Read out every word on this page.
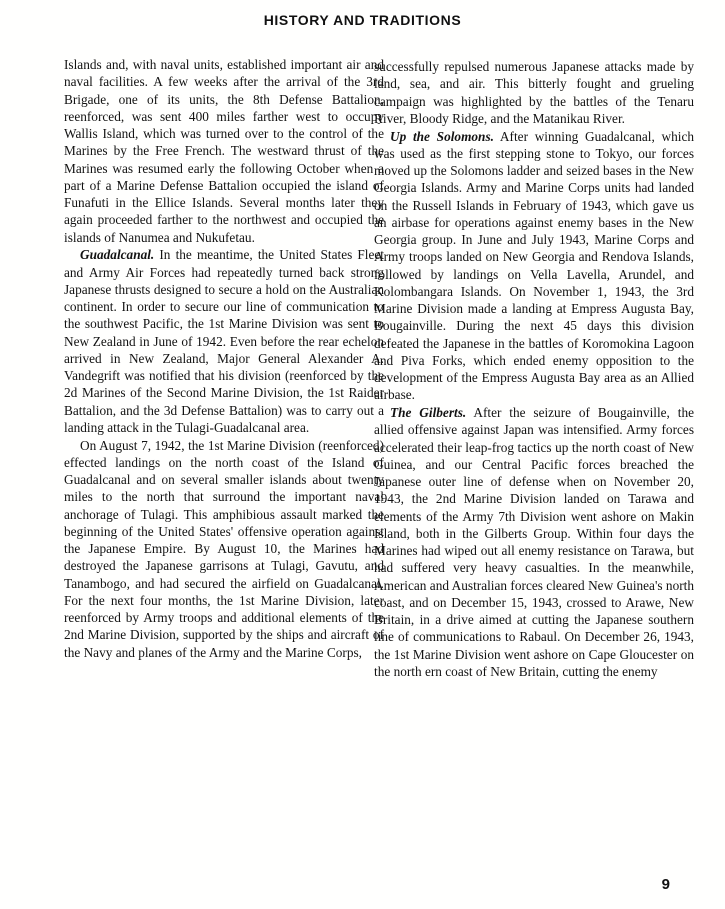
HISTORY AND TRADITIONS

Islands and, with naval units, established important air and naval facilities. A few weeks after the arrival of the 3rd Brigade, one of its units, the 8th Defense Battalion, reenforced, was sent 400 miles farther west to occupy Wallis Island, which was turned over to the control of the Marines by the Free French. The westward thrust of the Marines was resumed early the following October when a part of a Marine Defense Battalion occupied the island of Funafuti in the Ellice Islands. Several months later they again proceeded farther to the northwest and occupied the islands of Nanumea and Nukufetau.

Guadalcanal. In the meantime, the United States Fleet and Army Air Forces had repeatedly turned back strong Japanese thrusts designed to secure a hold on the Australian continent. In order to secure our line of communication to the southwest Pacific, the 1st Marine Division was sent to New Zealand in June of 1942. Even before the rear echelon arrived in New Zealand, Major General Alexander A. Vandegrift was notified that his division (reenforced by the 2d Marines of the Second Marine Division, the 1st Raider Battalion, and the 3d Defense Battalion) was to carry out a landing attack in the Tulagi-Guadalcanal area.

On August 7, 1942, the 1st Marine Division (reenforced) effected landings on the north coast of the Island of Guadalcanal and on several smaller islands about twenty miles to the north that surround the important naval anchorage of Tulagi. This amphibious assault marked the beginning of the United States' offensive operation against the Japanese Empire. By August 10, the Marines had destroyed the Japanese garrisons at Tulagi, Gavutu, and Tanambogo, and had secured the airfield on Guadalcanal. For the next four months, the 1st Marine Division, later reenforced by Army troops and additional elements of the 2nd Marine Division, supported by the ships and aircraft of the Navy and planes of the Army and the Marine Corps,

successfully repulsed numerous Japanese attacks made by land, sea, and air. This bitterly fought and grueling campaign was highlighted by the battles of the Tenaru River, Bloody Ridge, and the Matanikau River.

Up the Solomons. After winning Guadalcanal, which was used as the first stepping stone to Tokyo, our forces moved up the Solomons ladder and seized bases in the New Georgia Islands. Army and Marine Corps units had landed on the Russell Islands in February of 1943, which gave us an airbase for operations against enemy bases in the New Georgia group. In June and July 1943, Marine Corps and Army troops landed on New Georgia and Rendova Islands, followed by landings on Vella Lavella, Arundel, and Kolombangara Islands. On November 1, 1943, the 3rd Marine Division made a landing at Empress Augusta Bay, Bougainville. During the next 45 days this division defeated the Japanese in the battles of Koromokina Lagoon and Piva Forks, which ended enemy opposition to the development of the Empress Augusta Bay area as an Allied airbase.

The Gilberts. After the seizure of Bougainville, the allied offensive against Japan was intensified. Army forces accelerated their leap-frog tactics up the north coast of New Guinea, and our Central Pacific forces breached the Japanese outer line of defense when on November 20, 1943, the 2nd Marine Division landed on Tarawa and elements of the Army 7th Division went ashore on Makin Island, both in the Gilberts Group. Within four days the Marines had wiped out all enemy resistance on Tarawa, but had suffered very heavy casualties. In the meanwhile, American and Australian forces cleared New Guinea's north coast, and on December 15, 1943, crossed to Arawe, New Britain, in a drive aimed at cutting the Japanese southern line of communications to Rabaul. On December 26, 1943, the 1st Marine Division went ashore on Cape Gloucester on the north ern coast of New Britain, cutting the enemy

9
